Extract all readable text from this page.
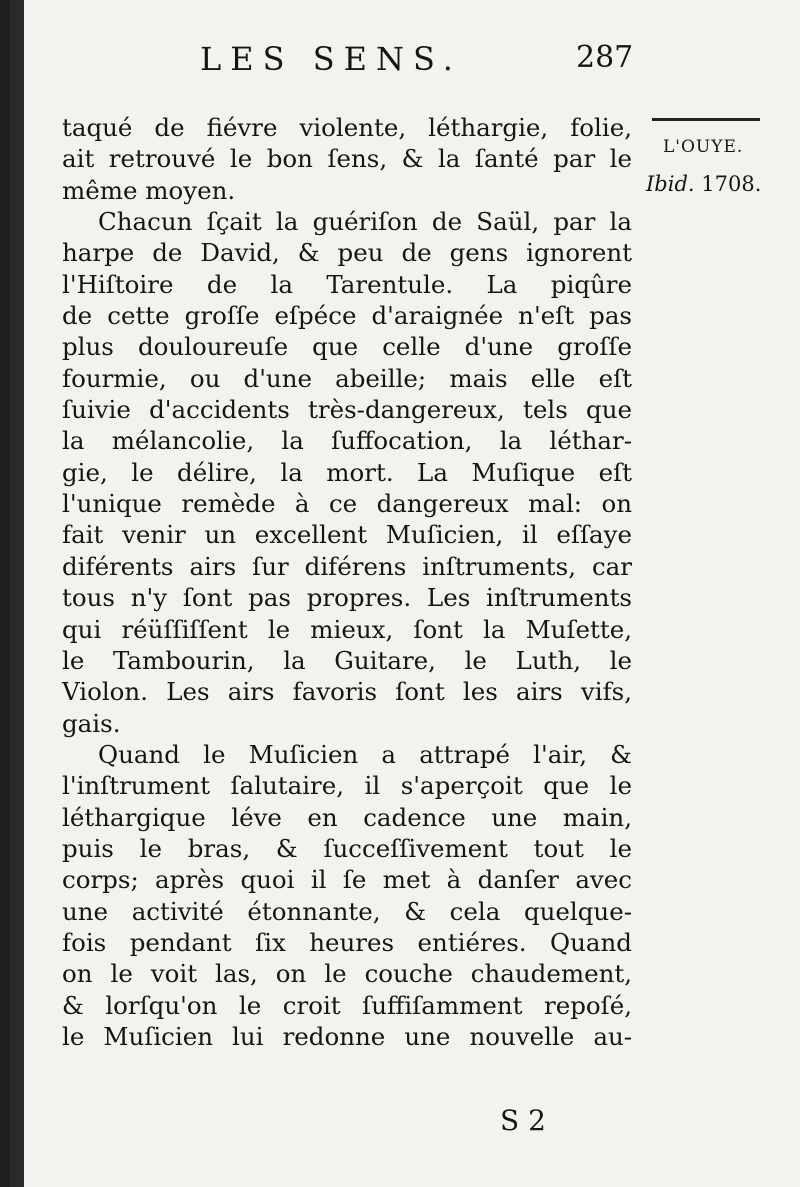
LES SENS.	287
L'OUYE.
Ibid. 1708.
taqué de fiévre violente, léthargie, folie,
ait retrouvé le bon ſens, & la ſanté par le
même moyen.
Chacun ſçait la guériſon de Saül, par la
harpe de David, & peu de gens ignorent
l'Hiſtoire de la Tarentule. La piqûre
de cette groſſe eſpéce d'araignée n'eſt pas
plus douloureuſe que celle d'une groſſe
fourmie, ou d'une abeille; mais elle eſt
ſuivie d'accidents très-dangereux, tels que
la mélancolie, la ſuffocation, la léthar-
gie, le délire, la mort. La Muſique eſt
l'unique remède à ce dangereux mal: on
fait venir un excellent Muſicien, il eſſaye
diférents airs ſur diférens inſtruments, car
tous n'y ſont pas propres. Les inſtruments
qui réüſſiſſent le mieux, ſont la Muſette,
le Tambourin, la Guitare, le Luth, le
Violon. Les airs favoris ſont les airs vifs,
gais.
Quand le Muſicien a attrapé l'air, &
l'inſtrument ſalutaire, il s'aperçoit que le
léthargique léve en cadence une main,
puis le bras, & ſucceſſivement tout le
corps; après quoi il ſe met à danſer avec
une activité étonnante, & cela quelque-
fois pendant ſix heures entiéres. Quand
on le voit las, on le couche chaudement,
& lorſqu'on le croit ſuffiſamment repoſé,
le Muſicien lui redonne une nouvelle au-
S 2
